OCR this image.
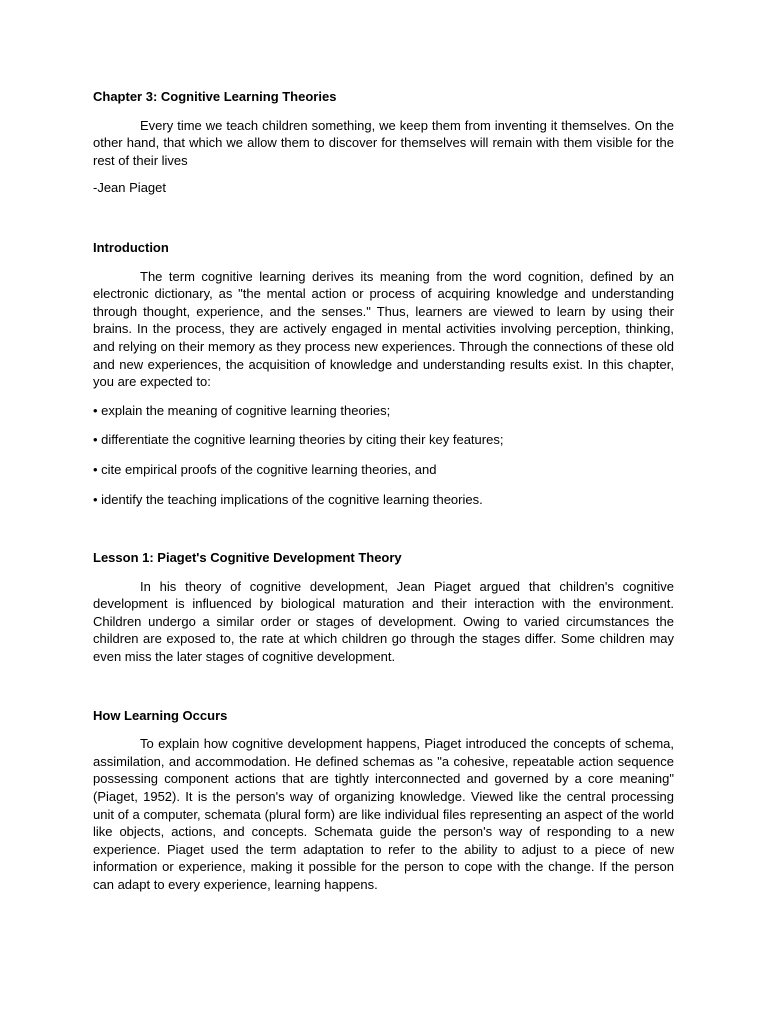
Chapter 3: Cognitive Learning Theories

Every time we teach children something, we keep them from inventing it themselves. On the other hand, that which we allow them to discover for themselves will remain with them visible for the rest of their lives

-Jean Piaget

Introduction

The term cognitive learning derives its meaning from the word cognition, defined by an electronic dictionary, as "the mental action or process of acquiring knowledge and understanding through thought, experience, and the senses." Thus, learners are viewed to learn by using their brains. In the process, they are actively engaged in mental activities involving perception, thinking, and relying on their memory as they process new experiences. Through the connections of these old and new experiences, the acquisition of knowledge and understanding results exist. In this chapter, you are expected to:

• explain the meaning of cognitive learning theories;

• differentiate the cognitive learning theories by citing their key features;

• cite empirical proofs of the cognitive learning theories, and

• identify the teaching implications of the cognitive learning theories.

Lesson 1: Piaget's Cognitive Development Theory

In his theory of cognitive development, Jean Piaget argued that children's cognitive development is influenced by biological maturation and their interaction with the environment. Children undergo a similar order or stages of development. Owing to varied circumstances the children are exposed to, the rate at which children go through the stages differ. Some children may even miss the later stages of cognitive development.

How Learning Occurs

To explain how cognitive development happens, Piaget introduced the concepts of schema, assimilation, and accommodation. He defined schemas as "a cohesive, repeatable action sequence possessing component actions that are tightly interconnected and governed by a core meaning" (Piaget, 1952). It is the person's way of organizing knowledge. Viewed like the central processing unit of a computer, schemata (plural form) are like individual files representing an aspect of the world like objects, actions, and concepts. Schemata guide the person's way of responding to a new experience. Piaget used the term adaptation to refer to the ability to adjust to a piece of new information or experience, making it possible for the person to cope with the change. If the person can adapt to every experience, learning happens.
